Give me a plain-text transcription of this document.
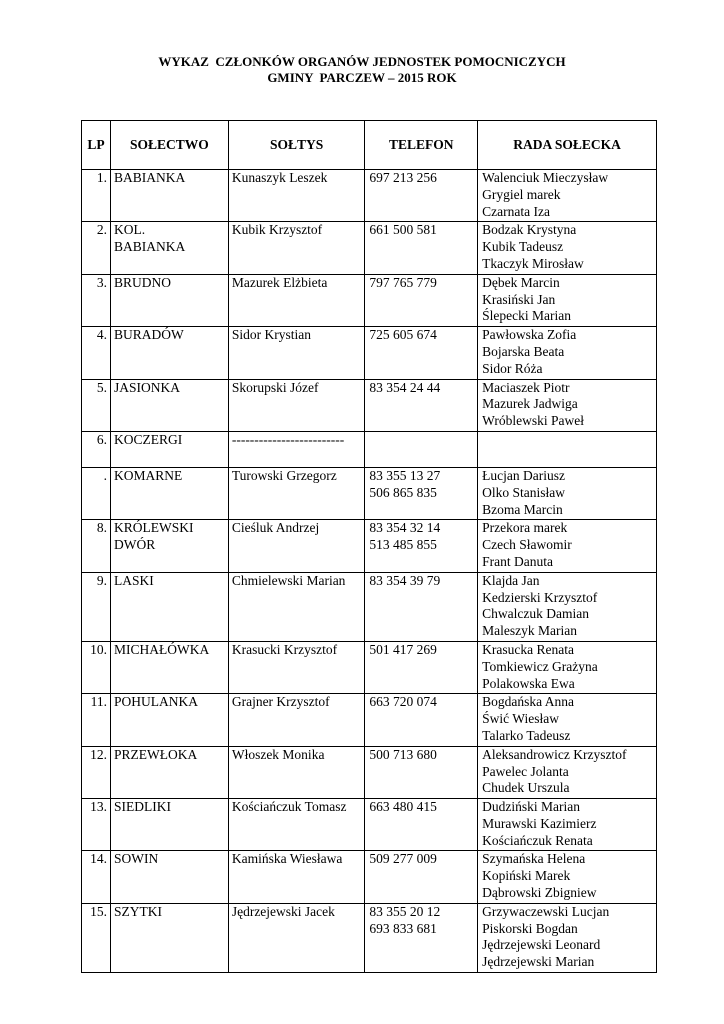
WYKAZ  CZŁONKÓW ORGANÓW JEDNOSTEK POMOCNICZYCH
GMINY  PARCZEW – 2015 ROK
LP	SOŁECTWO	SOŁTYS	TELEFON	RADA SOŁECKA
1.	BABIANKA	Kunaszyk Leszek	697 213 256	Walenciuk Mieczysław
Grygiel marek
Czarnata Iza

2.	KOL.
BABIANKA	Kubik Krzysztof	661 500 581	Bodzak Krystyna
Kubik Tadeusz
Tkaczyk Mirosław

3.	BRUDNO	Mazurek Elżbieta	797 765 779	Dębek Marcin
Krasiński Jan
Ślepecki Marian

4.	BURADÓW	Sidor Krystian	725 605 674	Pawłowska Zofia
Bojarska Beata
Sidor Róża

5.	JASIONKA	Skorupski Józef	83 354 24 44	Maciaszek Piotr
Mazurek Jadwiga
Wróblewski Paweł

6.	KOCZERGI	-------------------------		
.	KOMARNE	Turowski Grzegorz	83 355 13 27
506 865 835	Łucjan Dariusz
Olko Stanisław
Bzoma Marcin

8.	KRÓLEWSKI
DWÓR	Cieśluk Andrzej	83 354 32 14
513 485 855	Przekora marek
Czech Sławomir
Frant Danuta

9.	LASKI	Chmielewski Marian	83 354 39 79	Klajda Jan
Kedzierski Krzysztof
Chwalczuk Damian
Maleszyk Marian

10.	MICHAŁÓWKA	Krasucki Krzysztof	501 417 269	Krasucka Renata
Tomkiewicz Grażyna
Polakowska Ewa

11.	POHULANKA	Grajner Krzysztof	663 720 074	Bogdańska Anna
Świć Wiesław
Talarko Tadeusz

12.	PRZEWŁOKA	Włoszek Monika	500 713 680	Aleksandrowicz Krzysztof
Pawelec Jolanta
Chudek Urszula

13.	SIEDLIKI	Kościańczuk Tomasz	663 480 415	Dudziński Marian
Murawski Kazimierz
Kościańczuk Renata

14.	SOWIN	Kamińska Wiesława	509 277 009	Szymańska Helena
Kopiński Marek
Dąbrowski Zbigniew

15.	SZYTKI	Jędrzejewski Jacek	83 355 20 12
693 833 681	Grzywaczewski Lucjan
Piskorski Bogdan
Jędrzejewski Leonard
Jędrzejewski Marian
